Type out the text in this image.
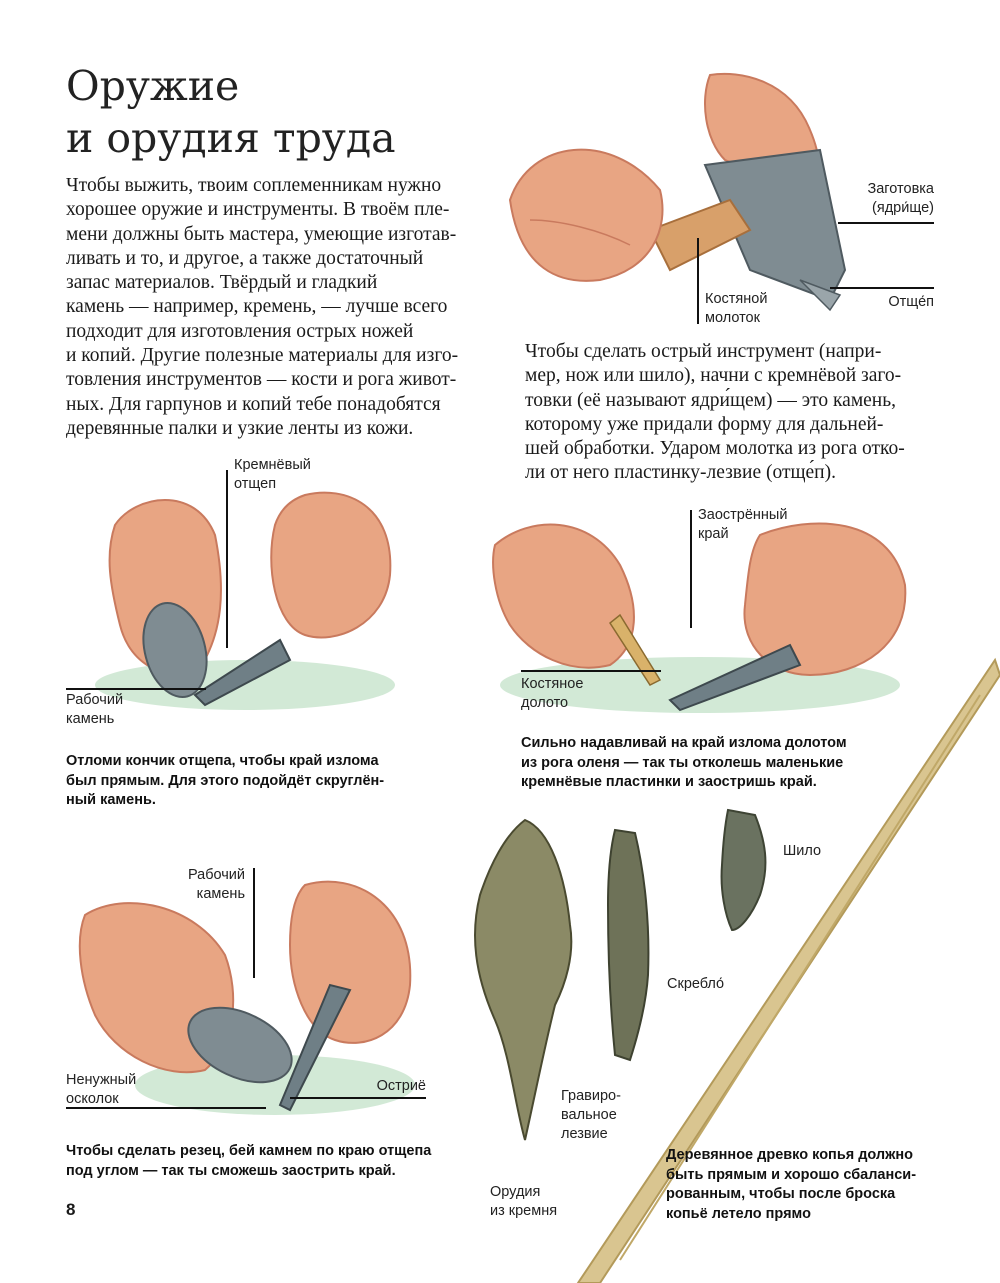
Оружие
и орудия труда
Чтобы выжить, твоим соплеменникам нужно
хорошее оружие и инструменты. В твоём пле-
мени должны быть мастера, умеющие изготав-
ливать и то, и другое, а также достаточный
запас материалов. Твёрдый и гладкий
камень — например, кремень, — лучше всего
подходит для изготовления острых ножей
и копий. Другие полезные материалы для изго-
товления инструментов — кости и рога живот-
ных. Для гарпунов и копий тебе понадобятся
деревянные палки и узкие ленты из кожи.
Заготовка
(ядри́ще)
Отще́п
Костяной
молоток
Чтобы сделать острый инструмент (напри-
мер, нож или шило), начни с кремнёвой заго-
товки (её называют ядри́щем) — это камень,
которому уже придали форму для дальней-
шей обработки. Ударом молотка из рога отко-
ли от него пластинку-лезвие (отще́п).
Кремнёвый
отщеп
Рабочий
камень
Отломи кончик отщепа, чтобы край излома
был прямым. Для этого подойдёт скруглён-
ный камень.
Заострённый
край
Костяное
долото
Сильно надавливай на край излома долотом
из рога оленя — так ты отколешь маленькие
кремнёвые пластинки и заостришь край.
Рабочий
камень
Ненужный
осколок
Остриё
Чтобы сделать резец, бей камнем по краю отщепа
под углом — так ты сможешь заострить край.
Шило
Скребло́
Гравиро-
вальное
лезвие
Орудия
из кремня
Деревянное древко копья должно
быть прямым и хорошо сбаланси-
рованным, чтобы после броска
копьё летело прямо
8
